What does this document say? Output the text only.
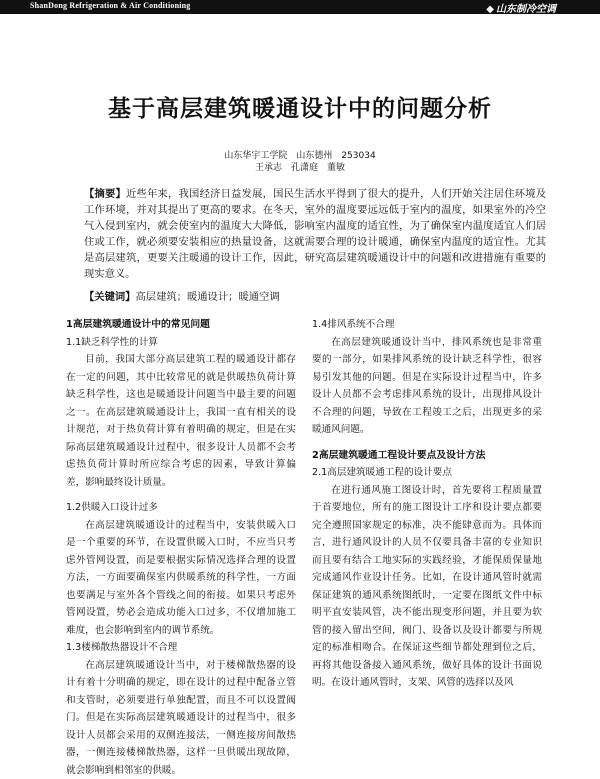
ShanDong Refrigeration & Air Conditioning	◆ 山东制冷空调
基于高层建筑暖通设计中的问题分析
山东华宇工学院　山东德州　253034
王承志　孔潇庭　董敏
【摘要】近些年来，我国经济日益发展，国民生活水平得到了很大的提升，人们开始关注居住环境及工作环境，并对其提出了更高的要求。在冬天，室外的温度要远远低于室内的温度，如果室外的冷空气入侵到室内，就会使室内的温度大大降低，影响室内温度的适宜性，为了确保室内温度适宜人们居住或工作，就必须要安装相应的热量设备，这就需要合理的设计暖通，确保室内温度的适宜性。尤其是高层建筑，更要关注暖通的设计工作，因此，研究高层建筑暖通设计中的问题和改进措施有重要的现实意义。
【关键词】高层建筑；暖通设计；暖通空调
1高层建筑暖通设计中的常见问题
1.1缺乏科学性的计算

目前，我国大部分高层建筑工程的暖通设计都存在一定的问题，其中比较常见的就是供暖热负荷计算缺乏科学性，这也是暖通设计问题当中最主要的问题之一。在高层建筑暖通设计上，我国一直有相关的设计规范，对于热负荷计算有着明确的规定，但是在实际高层建筑暖通设计过程中，很多设计人员都不会考虑热负荷计算时所应综合考虑的因素，导致计算偏差，影响最终设计质量。

1.2供暖入口设计过多

在高层建筑暖通设计的过程当中，安装供暖入口是一个重要的环节，在设置供暖入口时，不应当只考虑外管网设置，而是要根据实际情况选择合理的设置方法，一方面要确保室内供暖系统的科学性，一方面也要满足与室外各个管线之间的衔接。如果只考虑外管网设置，势必会造成功能入口过多，不仅增加施工难度，也会影响到室内的调节系统。

1.3楼梯散热器设计不合理

在高层建筑暖通设计当中，对于楼梯散热器的设计有着十分明确的规定，即在设计的过程中配备立管和支管时，必须要进行单独配置，而且不可以设置阀门。但是在实际高层建筑暖通设计的过程当中，很多设计人员都会采用的双侧连接法，一侧连接房间散热器，一侧连接楼梯散热器，这样一旦供暖出现故障，就会影响到相邻室的供暖。

1.4排风系统不合理

在高层建筑暖通设计当中，排风系统也是非常重要的一部分，如果排风系统的设计缺乏科学性，很容易引发其他的问题。但是在实际设计过程当中，许多设计人员都不会考虑排风系统的设计，出现排风设计不合理的问题，导致在工程竣工之后，出现更多的采暖通风问题。

2高层建筑暖通工程设计要点及设计方法
2.1高层建筑暖通工程的设计要点

在进行通风施工图设计时，首先要将工程质量置于首要地位，所有的施工图设计工序和设计要点都要完全遵照国家规定的标准，决不能肆意而为。具体而言，进行通风设计的人员不仅要具备丰富的专业知识而且要有结合工地实际的实践经验，才能保质保量地完成通风作业设计任务。比如，在设计通风管时就需保证建筑的通风系统图纸时，一定要在图纸文件中标明平直安装风管，决不能出现变形问题，并且要为软管的接入留出空间，阀门、设备以及设计都要与所规定的标准相吻合。在保证这些细节都处理到位之后，再将其他设备接入通风系统，做好具体的设计书面说明。在设计通风管时，支架、风管的选择以及风
